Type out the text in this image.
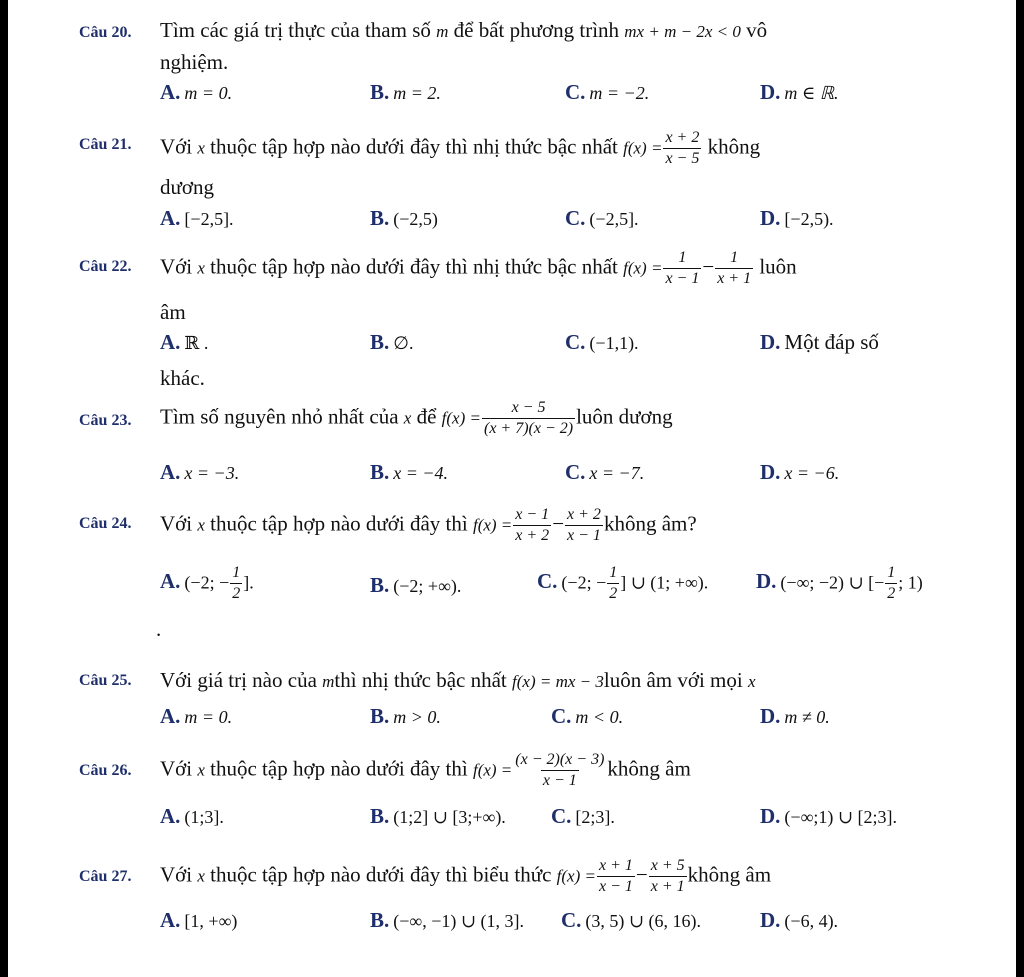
Câu 20. Tìm các giá trị thực của tham số m để bất phương trình mx + m − 2x < 0 vô
nghiệm.
A. m = 0.	B. m = 2.	C. m = −2.	D. m ∈ ℝ.
Câu 21. Với x thuộc tập hợp nào dưới đây thì nhị thức bậc nhất $f(x) = \frac{x + 2}{x - 5}$ không
dương
A. [−2,5].	B. (−2,5)	C. (−2,5].	D. [−2,5).
Câu 22. Với x thuộc tập hợp nào dưới đây thì nhị thức bậc nhất $f(x) = \frac{1}{x - 1} - \frac{1}{x + 1}$ luôn
âm
A. ℝ .	B. ∅.	C. (−1,1).	D. Một đáp số
khác.
Câu 23. Tìm số nguyên nhỏ nhất của x để $f(x) = \frac{x - 5}{(x + 7)(x - 2)}$ luôn dương
A. x = −3.	B. x = −4.	C. x = −7.	D. x = −6.
Câu 24. Với x thuộc tập hợp nào dưới đây thì $f(x) = \frac{x - 1}{x + 2} - \frac{x + 2}{x - 1}$ không âm?
A. (−2; − $\frac{1}{2}$ ].	B. (−2; +∞).	C. (−2; − $\frac{1}{2}$ ] ∪ (1; +∞). D. (−∞; −2) ∪ [− $\frac{1}{2}$ ; 1)
.
Câu 25. Với giá trị nào của mthì nhị thức bậc nhất f(x) = mx − 3luôn âm với mọi x
A. m = 0.	B. m > 0.	C. m < 0.	D. m ≠ 0.
Câu 26. Với x thuộc tập hợp nào dưới đây thì $f(x) = \frac{(x - 2)(x - 3)}{x - 1}$ không âm
A. (1;3].	B. (1;2] ∪ [3;+∞). C. [2;3].	D. (−∞;1) ∪ [2;3].
Câu 27. Với x thuộc tập hợp nào dưới đây thì biểu thức $f(x) = \frac{x + 1}{x - 1} - \frac{x + 5}{x + 1}$ không âm
A. [1, +∞)	B. (−∞, −1) ∪ (1, 3]. C. (3, 5) ∪ (6, 16).	D. (−6, 4).
